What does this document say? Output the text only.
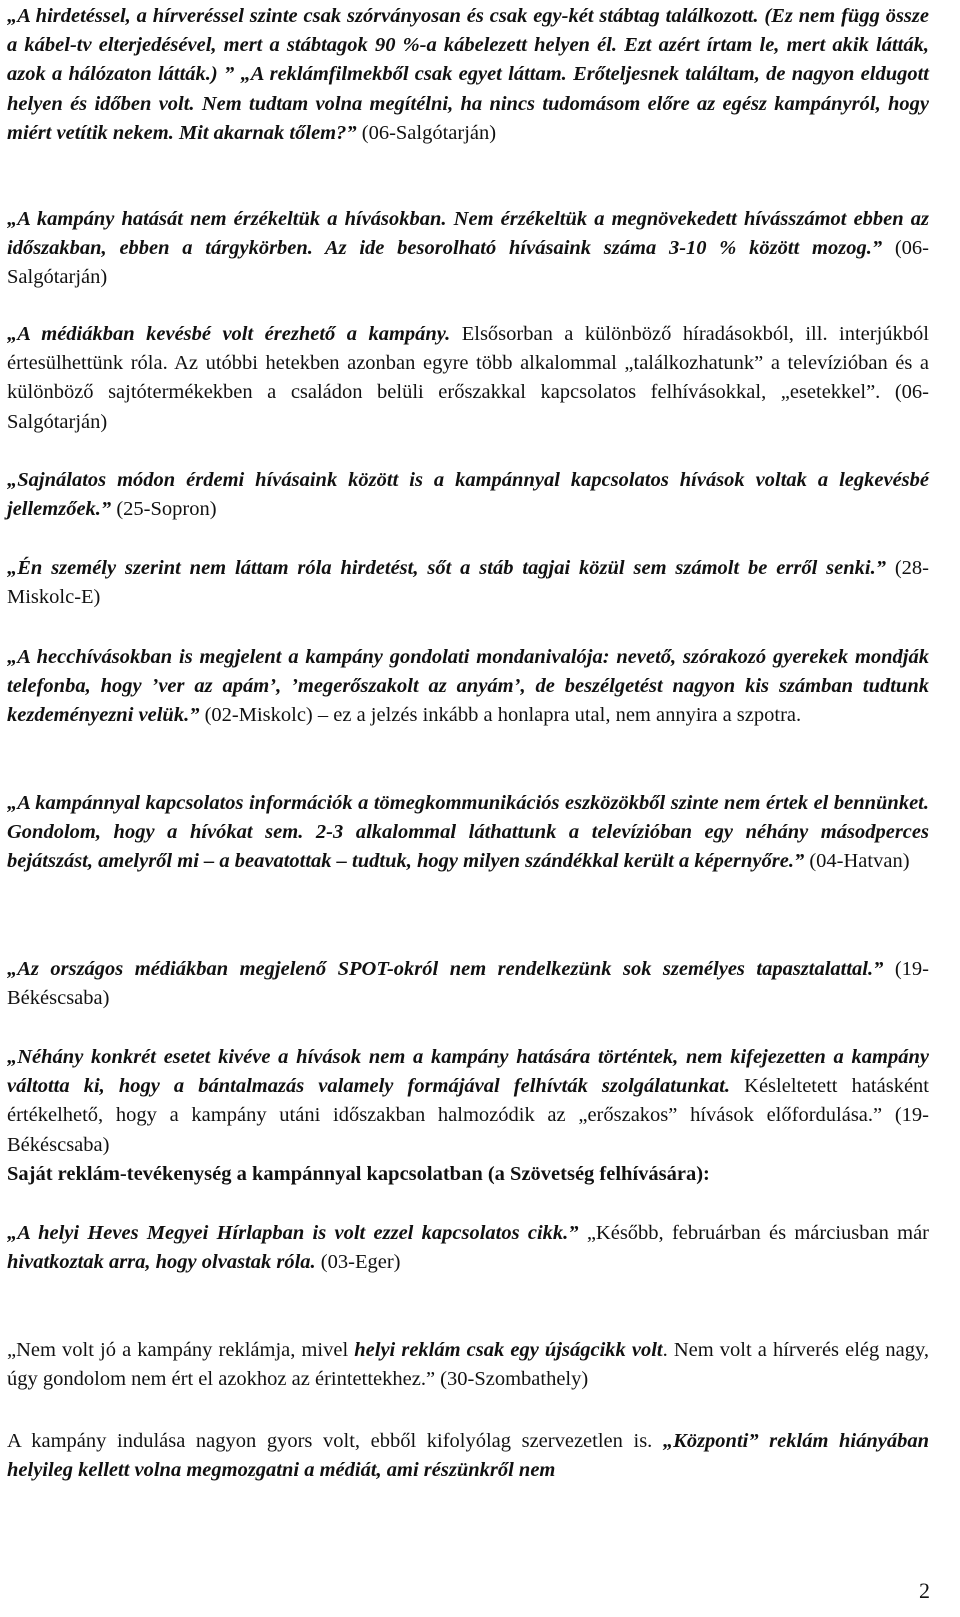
„A hirdetéssel, a hírveréssel szinte csak szórványosan és csak egy-két stábtag találkozott. (Ez nem függ össze a kábel-tv elterjedésével, mert a stábtagok 90 %-a kábelezett helyen él. Ezt azért írtam le, mert akik látták, azok a hálózaton látták.) ” „A reklámfilmekből csak egyet láttam. Erőteljesnek találtam, de nagyon eldugott helyen és időben volt. Nem tudtam volna megítélni, ha nincs tudomásom előre az egész kampányról, hogy miért vetítik nekem. Mit akarnak tőlem?” (06-Salgótarján)

„A kampány hatását nem érzékeltük a hívásokban. Nem érzékeltük a megnövekedett hívásszámot ebben az időszakban, ebben a tárgykörben. Az ide besorolható hívásaink száma 3-10 % között mozog.” (06-Salgótarján)

„A médiákban kevésbé volt érezhető a kampány. Elsősorban a különböző híradásokból, ill. interjúkból értesülhettünk róla. Az utóbbi hetekben azonban egyre több alkalommal „találkozhatunk” a televízióban és a különböző sajtótermékekben a családon belüli erőszakkal kapcsolatos felhívásokkal, „esetekkel”. (06-Salgótarján)

„Sajnálatos módon érdemi hívásaink között is a kampánnyal kapcsolatos hívások voltak a legkevésbé jellemzőek.” (25-Sopron)

„Én személy szerint nem láttam róla hirdetést, sőt a stáb tagjai közül sem számolt be erről senki.” (28-Miskolc-E)

„A hecchívásokban is megjelent a kampány gondolati mondanivalója: nevető, szórakozó gyerekek mondják telefonba, hogy ’ver az apám’, ’megerőszakolt az anyám’, de beszélgetést nagyon kis számban tudtunk kezdeményezni velük.” (02-Miskolc) – ez a jelzés inkább a honlapra utal, nem annyira a szpotra.

„A kampánnyal kapcsolatos információk a tömegkommunikációs eszközökből szinte nem értek el bennünket. Gondolom, hogy a hívókat sem. 2-3 alkalommal láthattunk a televízióban egy néhány másodperces bejátszást, amelyről mi – a beavatottak – tudtuk, hogy milyen szándékkal került a képernyőre.” (04-Hatvan)

„Az országos médiákban megjelenő SPOT-okról nem rendelkezünk sok személyes tapasztalattal.” (19-Békéscsaba)

„Néhány konkrét esetet kivéve a hívások nem a kampány hatására történtek, nem kifejezetten a kampány váltotta ki, hogy a bántalmazás valamely formájával felhívták szolgálatunkat. Késleltetett hatásként értékelhető, hogy a kampány utáni időszakban halmozódik az „erőszakos” hívások előfordulása.” (19-Békéscsaba)

Saját reklám-tevékenység a kampánnyal kapcsolatban (a Szövetség felhívására):

„A helyi Heves Megyei Hírlapban is volt ezzel kapcsolatos cikk.” „Később, februárban és márciusban már hivatkoztak arra, hogy olvastak róla. (03-Eger)

„Nem volt jó a kampány reklámja, mivel helyi reklám csak egy újságcikk volt. Nem volt a hírverés elég nagy, úgy gondolom nem ért el azokhoz az érintettekhez.” (30-Szombathely)

A kampány indulása nagyon gyors volt, ebből kifolyólag szervezetlen is. „Központi” reklám hiányában helyileg kellett volna megmozgatni a médiát, ami részünkről nem

2
